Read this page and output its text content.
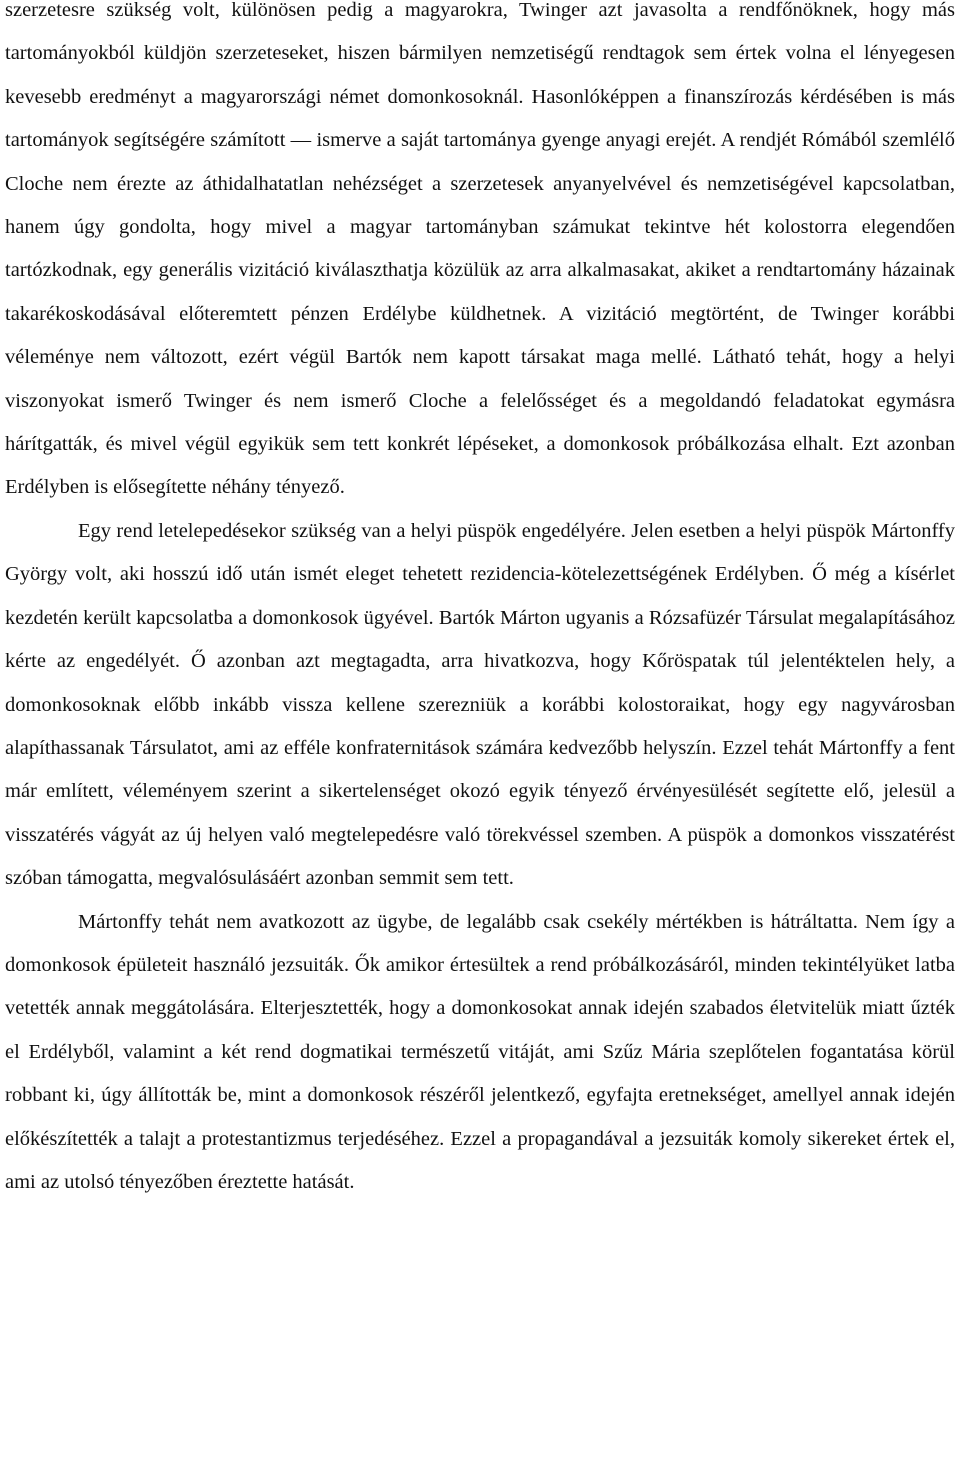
szerzetesre szükség volt, különösen pedig a magyarokra, Twinger azt javasolta a rendfőnöknek, hogy más tartományokból küldjön szerzeteseket, hiszen bármilyen nemzetiségű rendtagok sem értek volna el lényegesen kevesebb eredményt a magyarországi német domonkosoknál. Hasonlóképpen a finanszírozás kérdésében is más tartományok segítségére számított — ismerve a saját tartománya gyenge anyagi erejét. A rendjét Rómából szemlélő Cloche nem érezte az áthidalhatatlan nehézséget a szerzetesek anyanyelvével és nemzetiségével kapcsolatban, hanem úgy gondolta, hogy mivel a magyar tartományban számukat tekintve hét kolostorra elegendően tartózkodnak, egy generális vizitáció kiválaszthatja közülük az arra alkalmasakat, akiket a rendtartomány házainak takarékoskodásával előteremtett pénzen Erdélybe küldhetnek. A vizitáció megtörtént, de Twinger korábbi véleménye nem változott, ezért végül Bartók nem kapott társakat maga mellé. Látható tehát, hogy a helyi viszonyokat ismerő Twinger és nem ismerő Cloche a felelősséget és a megoldandó feladatokat egymásra hárítgatták, és mivel végül egyikük sem tett konkrét lépéseket, a domonkosok próbálkozása elhalt. Ezt azonban Erdélyben is elősegítette néhány tényező.

Egy rend letelepedésekor szükség van a helyi püspök engedélyére. Jelen esetben a helyi püspök Mártonffy György volt, aki hosszú idő után ismét eleget tehetett rezidencia-kötelezettségének Erdélyben. Ő még a kísérlet kezdetén került kapcsolatba a domonkosok ügyével. Bartók Márton ugyanis a Rózsafüzér Társulat megalapításához kérte az engedélyét. Ő azonban azt megtagadta, arra hivatkozva, hogy Kőröspatak túl jelentéktelen hely, a domonkosoknak előbb inkább vissza kellene szerezniük a korábbi kolostoraikat, hogy egy nagyvárosban alapíthassanak Társulatot, ami az efféle konfraternitások számára kedvezőbb helyszín. Ezzel tehát Mártonffy a fent már említett, véleményem szerint a sikertelenséget okozó egyik tényező érvényesülését segítette elő, jelesül a visszatérés vágyát az új helyen való megtelepedésre való törekvéssel szemben. A püspök a domonkos visszatérést szóban támogatta, megvalósulásáért azonban semmit sem tett.

Mártonffy tehát nem avatkozott az ügybe, de legalább csak csekély mértékben is hátráltatta. Nem így a domonkosok épületeit használó jezsuiták. Ők amikor értesültek a rend próbálkozásáról, minden tekintélyüket latba vetették annak meggátolására. Elterjesztették, hogy a domonkosokat annak idején szabados életvitelük miatt űzték el Erdélyből, valamint a két rend dogmatikai természetű vitáját, ami Szűz Mária szeplőtelen fogantatása körül robbant ki, úgy állították be, mint a domonkosok részéről jelentkező, egyfajta eretnekséget, amellyel annak idején előkészítették a talajt a protestantizmus terjedéséhez. Ezzel a propagandával a jezsuiták komoly sikereket értek el, ami az utolsó tényezőben éreztette hatását.
